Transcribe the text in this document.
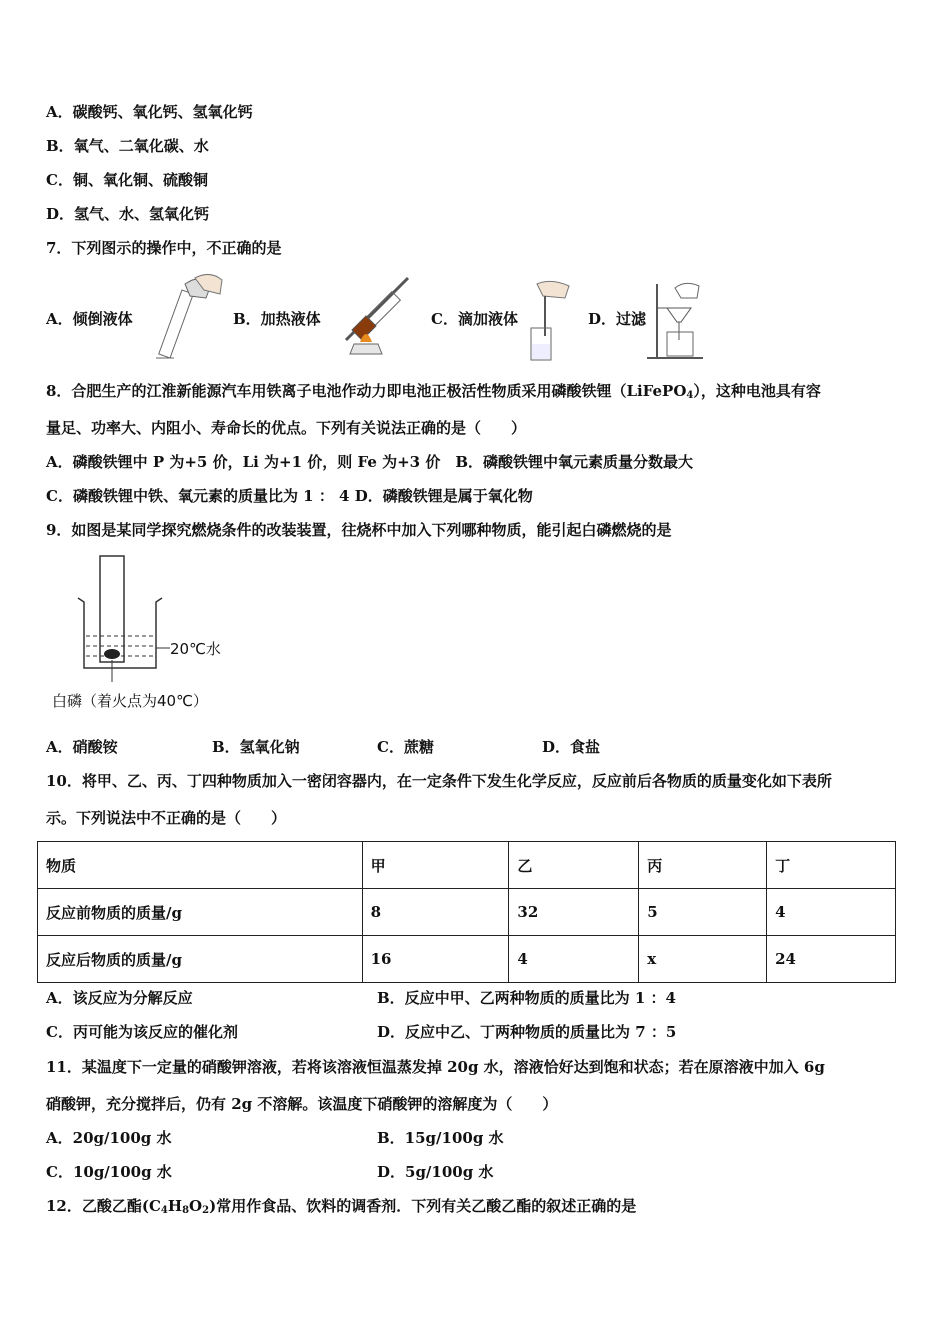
A．碳酸钙、氧化钙、氢氧化钙
B．氧气、二氧化碳、水
C．铜、氧化铜、硫酸铜
D．氢气、水、氢氧化钙
7．下列图示的操作中，不正确的是
A．倾倒液体	B．加热液体	C．滴加液体	D．过滤
8．合肥生产的江淮新能源汽车用铁离子电池作动力即电池正极活性物质采用磷酸铁锂（LiFePO$_4$），这种电池具有容
量足、功率大、内阻小、寿命长的优点。下列有关说法正确的是（　　）
A．磷酸铁锂中 P 为+5 价，Li 为+1 价，则 Fe 为+3 价　B．磷酸铁锂中氧元素质量分数最大
C．磷酸铁锂中铁、氧元素的质量比为 1 ： 4 D．磷酸铁锂是属于氧化物
9．如图是某同学探究燃烧条件的改装装置，往烧杯中加入下列哪种物质，能引起白磷燃烧的是
20℃水
白磷（着火点为40℃）
A．硝酸铵	B．氢氧化钠	C．蔗糖	D．食盐
10．将甲、乙、丙、丁四种物质加入一密闭容器内，在一定条件下发生化学反应，反应前后各物质的质量变化如下表所
示。下列说法中不正确的是（　　）
物质	甲	乙	丙	丁
反应前物质的质量/g	8	32	5	4
反应后物质的质量/g	16	4	x	24
A．该反应为分解反应	B．反应中甲、乙两种物质的质量比为 1 ：4
C．丙可能为该反应的催化剂	D．反应中乙、丁两种物质的质量比为 7 ：5
11．某温度下一定量的硝酸钾溶液，若将该溶液恒温蒸发掉 20g 水，溶液恰好达到饱和状态；若在原溶液中加入 6g
硝酸钾，充分搅拌后，仍有 2g 不溶解。该温度下硝酸钾的溶解度为（　　）
A．20g/100g 水	B．15g/100g 水
C．10g/100g 水	D．5g/100g 水
12．乙酸乙酯$(C_4H_8O_2)$常用作食品、饮料的调香剂．下列有关乙酸乙酯的叙述正确的是
